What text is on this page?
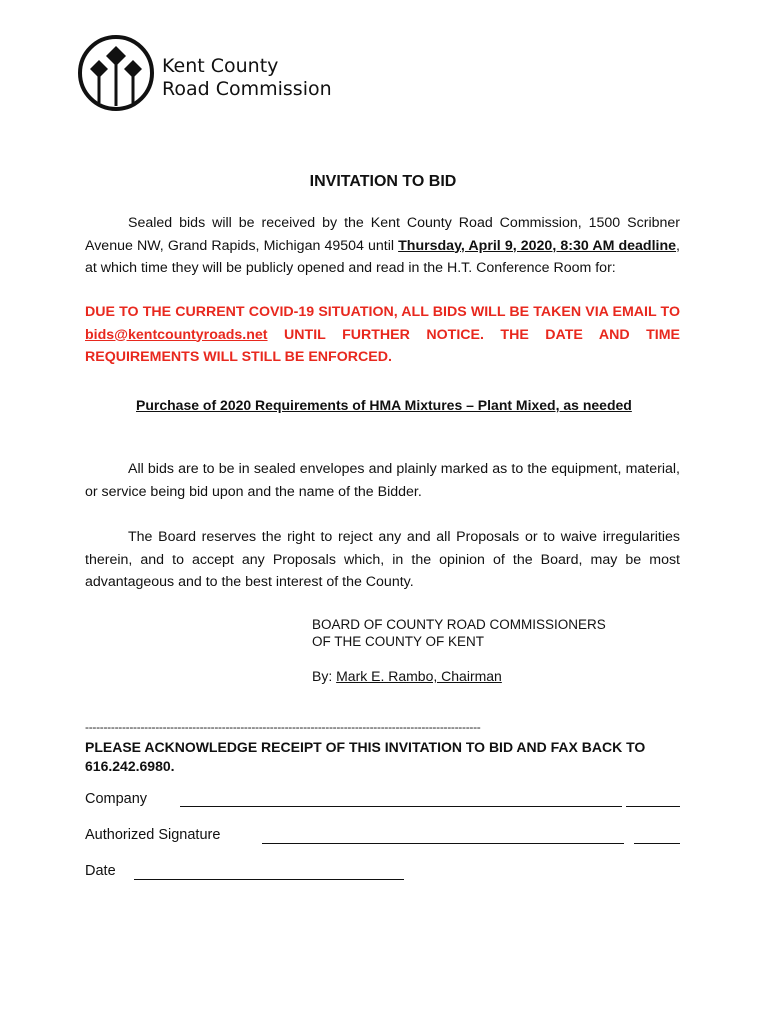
Kent County
Road Commission
INVITATION TO BID
Sealed bids will be received by the Kent County Road Commission, 1500 Scribner Avenue NW, Grand Rapids, Michigan 49504 until Thursday, April 9, 2020, 8:30 AM deadline, at which time they will be publicly opened and read in the H.T. Conference Room for:
DUE TO THE CURRENT COVID-19 SITUATION, ALL BIDS WILL BE TAKEN VIA EMAIL TO bids@kentcountyroads.net UNTIL FURTHER NOTICE. THE DATE AND TIME REQUIREMENTS WILL STILL BE ENFORCED.
Purchase of 2020 Requirements of HMA Mixtures – Plant Mixed, as needed
All bids are to be in sealed envelopes and plainly marked as to the equipment, material, or service being bid upon and the name of the Bidder.
The Board reserves the right to reject any and all Proposals or to waive irregularities therein, and to accept any Proposals which, in the opinion of the Board, may be most advantageous and to the best interest of the County.
BOARD OF COUNTY ROAD COMMISSIONERS
OF THE COUNTY OF KENT
By: Mark E. Rambo, Chairman
-----------------------------------------------------------------------------------------------------------
PLEASE ACKNOWLEDGE RECEIPT OF THIS INVITATION TO BID AND FAX BACK TO 616.242.6980.
Company
Authorized Signature
Date
